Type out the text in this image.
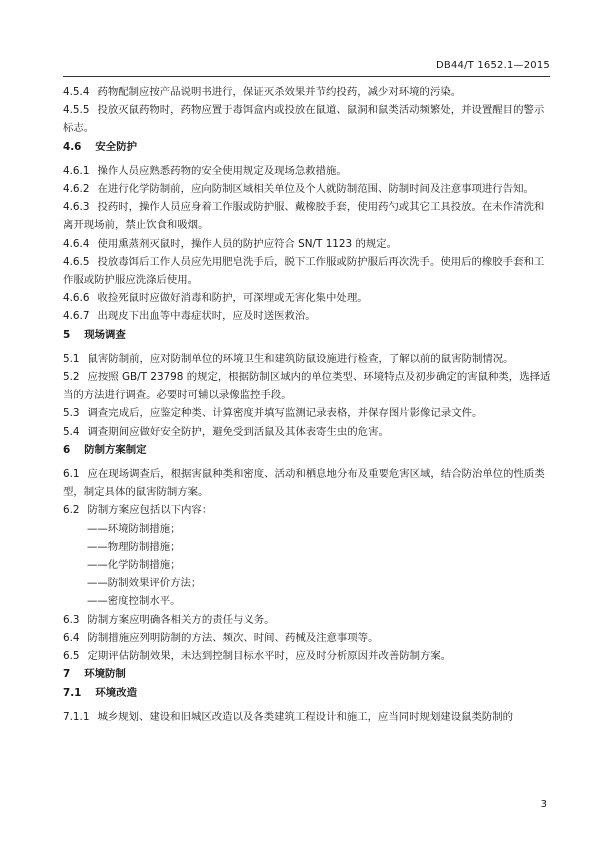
DB44/T 1652.1—2015

4.5.4 药物配制应按产品说明书进行，保证灭杀效果并节约投药，减少对环境的污染。

4.5.5 投放灭鼠药物时，药物应置于毒饵盒内或投放在鼠道、鼠洞和鼠类活动频繁处，并设置醒目的警示标志。

4.6 安全防护

4.6.1 操作人员应熟悉药物的安全使用规定及现场急救措施。

4.6.2 在进行化学防制前，应向防制区域相关单位及个人就防制范围、防制时间及注意事项进行告知。

4.6.3 投药时，操作人员应身着工作服或防护服、戴橡胶手套，使用药勺或其它工具投放。在未作清洗和离开现场前，禁止饮食和吸烟。

4.6.4 使用熏蒸剂灭鼠时，操作人员的防护应符合 SN/T 1123 的规定。

4.6.5 投放毒饵后工作人员应先用肥皂洗手后，脱下工作服或防护服后再次洗手。使用后的橡胶手套和工作服或防护服应洗涤后使用。

4.6.6 收捡死鼠时应做好消毒和防护，可深埋或无害化集中处理。

4.6.7 出现皮下出血等中毒症状时，应及时送医救治。

5 现场调查

5.1 鼠害防制前，应对防制单位的环境卫生和建筑防鼠设施进行检查，了解以前的鼠害防制情况。

5.2 应按照 GB/T 23798 的规定，根据防制区域内的单位类型、环境特点及初步确定的害鼠种类，选择适当的方法进行调查。必要时可辅以录像监控手段。

5.3 调查完成后，应鉴定种类、计算密度并填写监测记录表格，并保存图片影像记录文件。

5.4 调查期间应做好安全防护，避免受到活鼠及其体表寄生虫的危害。

6 防制方案制定

6.1 应在现场调查后，根据害鼠种类和密度、活动和栖息地分布及重要危害区域，结合防治单位的性质类型，制定具体的鼠害防制方案。

6.2 防制方案应包括以下内容：

——环境防制措施；

——物理防制措施；

——化学防制措施；

——防制效果评价方法；

——密度控制水平。

6.3 防制方案应明确各相关方的责任与义务。

6.4 防制措施应列明防制的方法、频次、时间、药械及注意事项等。

6.5 定期评估防制效果，未达到控制目标水平时，应及时分析原因并改善防制方案。

7 环境防制

7.1 环境改造

7.1.1 城乡规划、建设和旧城区改造以及各类建筑工程设计和施工，应当同时规划建设鼠类防制的

3
